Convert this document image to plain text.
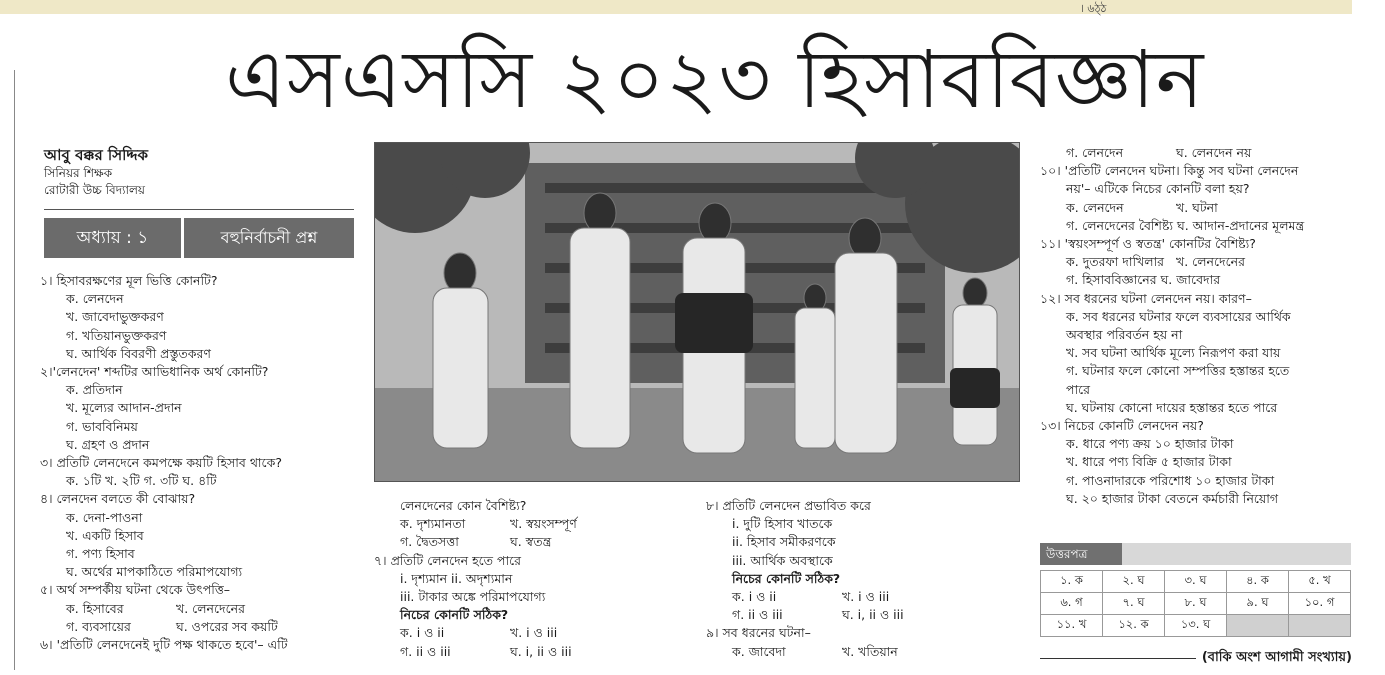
। ৬ঠ্ঠ
এসএসসি ২০২৩ হিসাববিজ্ঞান
আবু বক্কর সিদ্দিক
সিনিয়র শিক্ষক
রোটারী উচ্চ বিদ্যালয়
অধ্যায় : ১	বহুনির্বাচনী প্রশ্ন
১। হিসাবরক্ষণের মূল ভিত্তি কোনটি?
ক. লেনদেন
খ. জাবেদাভুক্তকরণ
গ. খতিয়ানভুক্তকরণ
ঘ. আর্থিক বিবরণী প্রস্তুতকরণ
২।'লেনদেন' শব্দটির আভিধানিক অর্থ কোনটি?
ক. প্রতিদান
খ. মূল্যের আদান-প্রদান
গ. ভাববিনিময়
ঘ. গ্রহণ ও প্রদান
৩। প্রতিটি লেনদেনে কমপক্ষে কয়টি হিসাব থাকে?
ক. ১টি খ. ২টি গ. ৩টি ঘ. ৪টি
৪। লেনদেন বলতে কী বোঝায়?
ক. দেনা-পাওনা
খ. একটি হিসাব
গ. পণ্য হিসাব
ঘ. অর্থের মাপকাঠিতে পরিমাপযোগ্য
৫। অর্থ সম্পর্কীয় ঘটনা থেকে উৎপত্তি–
ক. হিসাবের	খ. লেনদেনের
গ. ব্যবসায়ের	ঘ. ওপরের সব কয়টি
৬। 'প্রতিটি লেনদেনেই দুটি পক্ষ থাকতে হবে'– এটি
লেনদেনের কোন বৈশিষ্ট্য?
ক. দৃশ্যমানতা	খ. স্বয়ংসম্পূর্ণ
গ. দ্বৈতসত্তা	ঘ. স্বতন্ত্র
৭। প্রতিটি লেনদেন হতে পারে
i. দৃশ্যমান ii. অদৃশ্যমান
iii. টাকার অঙ্কে পরিমাপযোগ্য
নিচের কোনটি সঠিক?
ক. i ও ii	খ. i ও iii
গ. ii ও iii	ঘ. i, ii ও iii
৮। প্রতিটি লেনদেন প্রভাবিত করে
i. দুটি হিসাব খাতকে
ii. হিসাব সমীকরণকে
iii. আর্থিক অবস্থাকে
নিচের কোনটি সঠিক?
ক. i ও ii	খ. i ও iii
গ. ii ও iii	ঘ. i, ii ও iii
৯। সব ধরনের ঘটনা–
ক. জাবেদা	খ. খতিয়ান
গ. লেনদেন	ঘ. লেনদেন নয়
১০। 'প্রতিটি লেনদেন ঘটনা। কিন্তু সব ঘটনা লেনদেন
নয়'– এটিকে নিচের কোনটি বলা হয়?
ক. লেনদেন	খ. ঘটনা
গ. লেনদেনের বৈশিষ্ট্য ঘ. আদান-প্রদানের মূলমন্ত্র
১১। 'স্বয়ংসম্পূর্ণ ও স্বতন্ত্র' কোনটির বৈশিষ্ট্য?
ক. দুতরফা দাখিলার খ. লেনদেনের
গ. হিসাববিজ্ঞানের ঘ. জাবেদার
১২। সব ধরনের ঘটনা লেনদেন নয়। কারণ–
ক. সব ধরনের ঘটনার ফলে ব্যবসায়ের আর্থিক
অবস্থার পরিবর্তন হয় না
খ. সব ঘটনা আর্থিক মূল্যে নিরূপণ করা যায়
গ. ঘটনার ফলে কোনো সম্পত্তির হস্তান্তর হতে
পারে
ঘ. ঘটনায় কোনো দায়ের হস্তান্তর হতে পারে
১৩। নিচের কোনটি লেনদেন নয়?
ক. ধারে পণ্য ক্রয় ১০ হাজার টাকা
খ. ধারে পণ্য বিক্রি ৫ হাজার টাকা
গ. পাওনাদারকে পরিশোধ ১০ হাজার টাকা
ঘ. ২০ হাজার টাকা বেতনে কর্মচারী নিয়োগ
উত্তরপত্র
১. ক	২. ঘ	৩. ঘ	৪. ক	৫. খ
৬. গ	৭. ঘ	৮. ঘ	৯. ঘ	১০. গ
১১. খ	১২. ক	১৩. ঘ		
(বাকি অংশ আগামী সংখ্যায়)
